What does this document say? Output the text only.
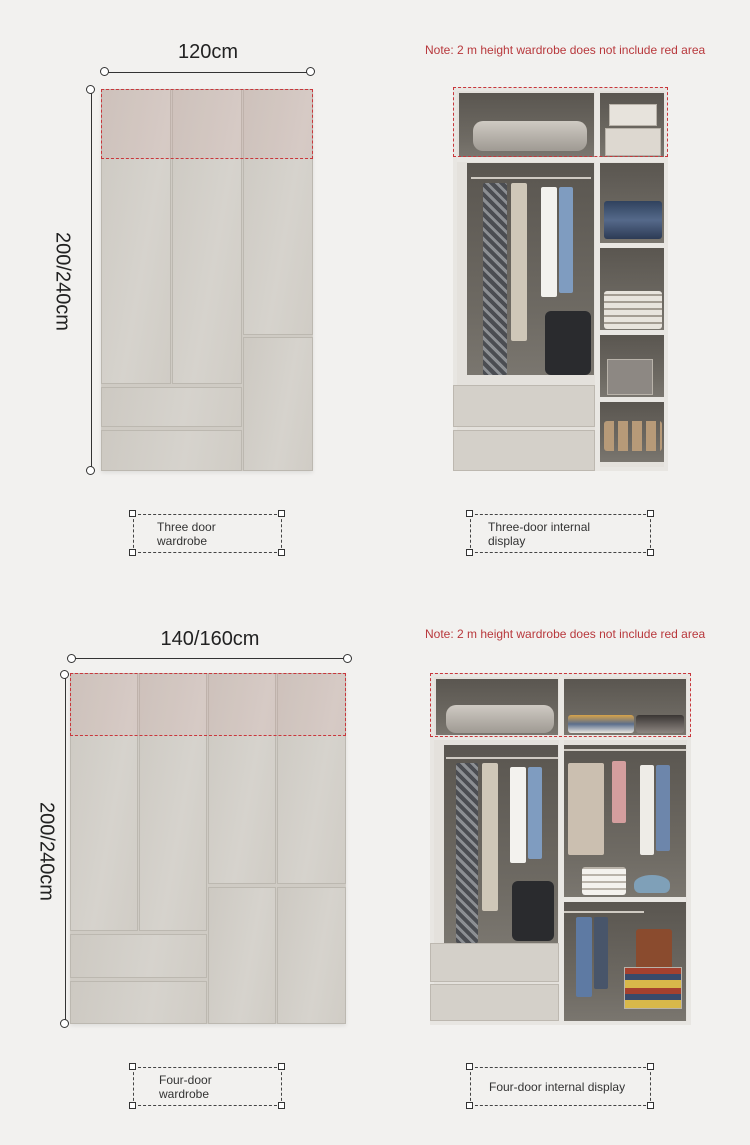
120cm
200/240cm
Three door wardrobe
Note: 2 m height wardrobe does not include red area
Three-door internal display
140/160cm
200/240cm
Four-door wardrobe
Note: 2 m height wardrobe does not include red area
Four-door internal display
